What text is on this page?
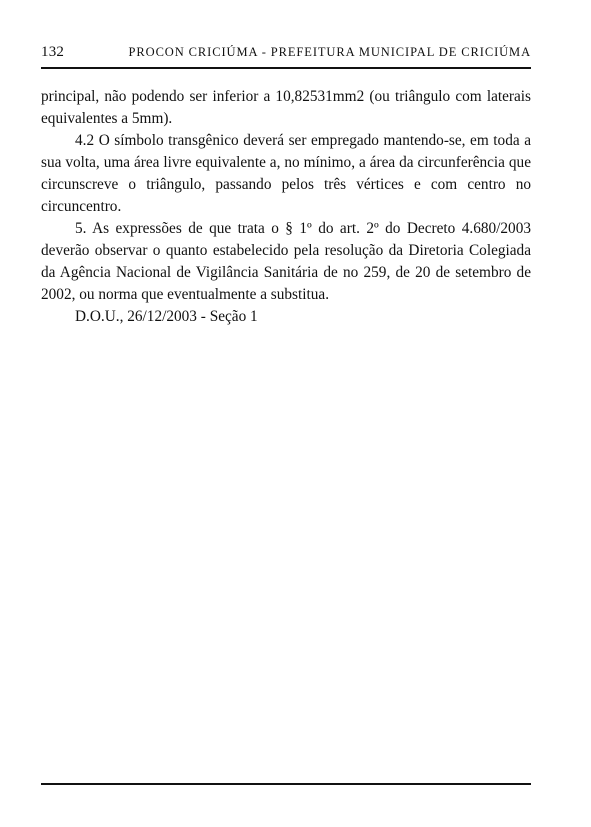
132	PROCON CRICIÚMA - PREFEITURA MUNICIPAL DE CRICIÚMA

principal, não podendo ser inferior a 10,82531mm2 (ou triângulo com laterais equivalentes a 5mm).

4.2 O símbolo transgênico deverá ser empregado mantendo-se, em toda a sua volta, uma área livre equivalente a, no mínimo, a área da circunferência que circunscreve o triângulo, passando pelos três vértices e com centro no circuncentro.

5. As expressões de que trata o § 1º do art. 2º do Decreto 4.680/2003 deverão observar o quanto estabelecido pela resolução da Diretoria Colegiada da Agência Nacional de Vigilância Sanitária de no 259, de 20 de setembro de 2002, ou norma que eventualmente a substitua.

D.O.U., 26/12/2003 - Seção 1
